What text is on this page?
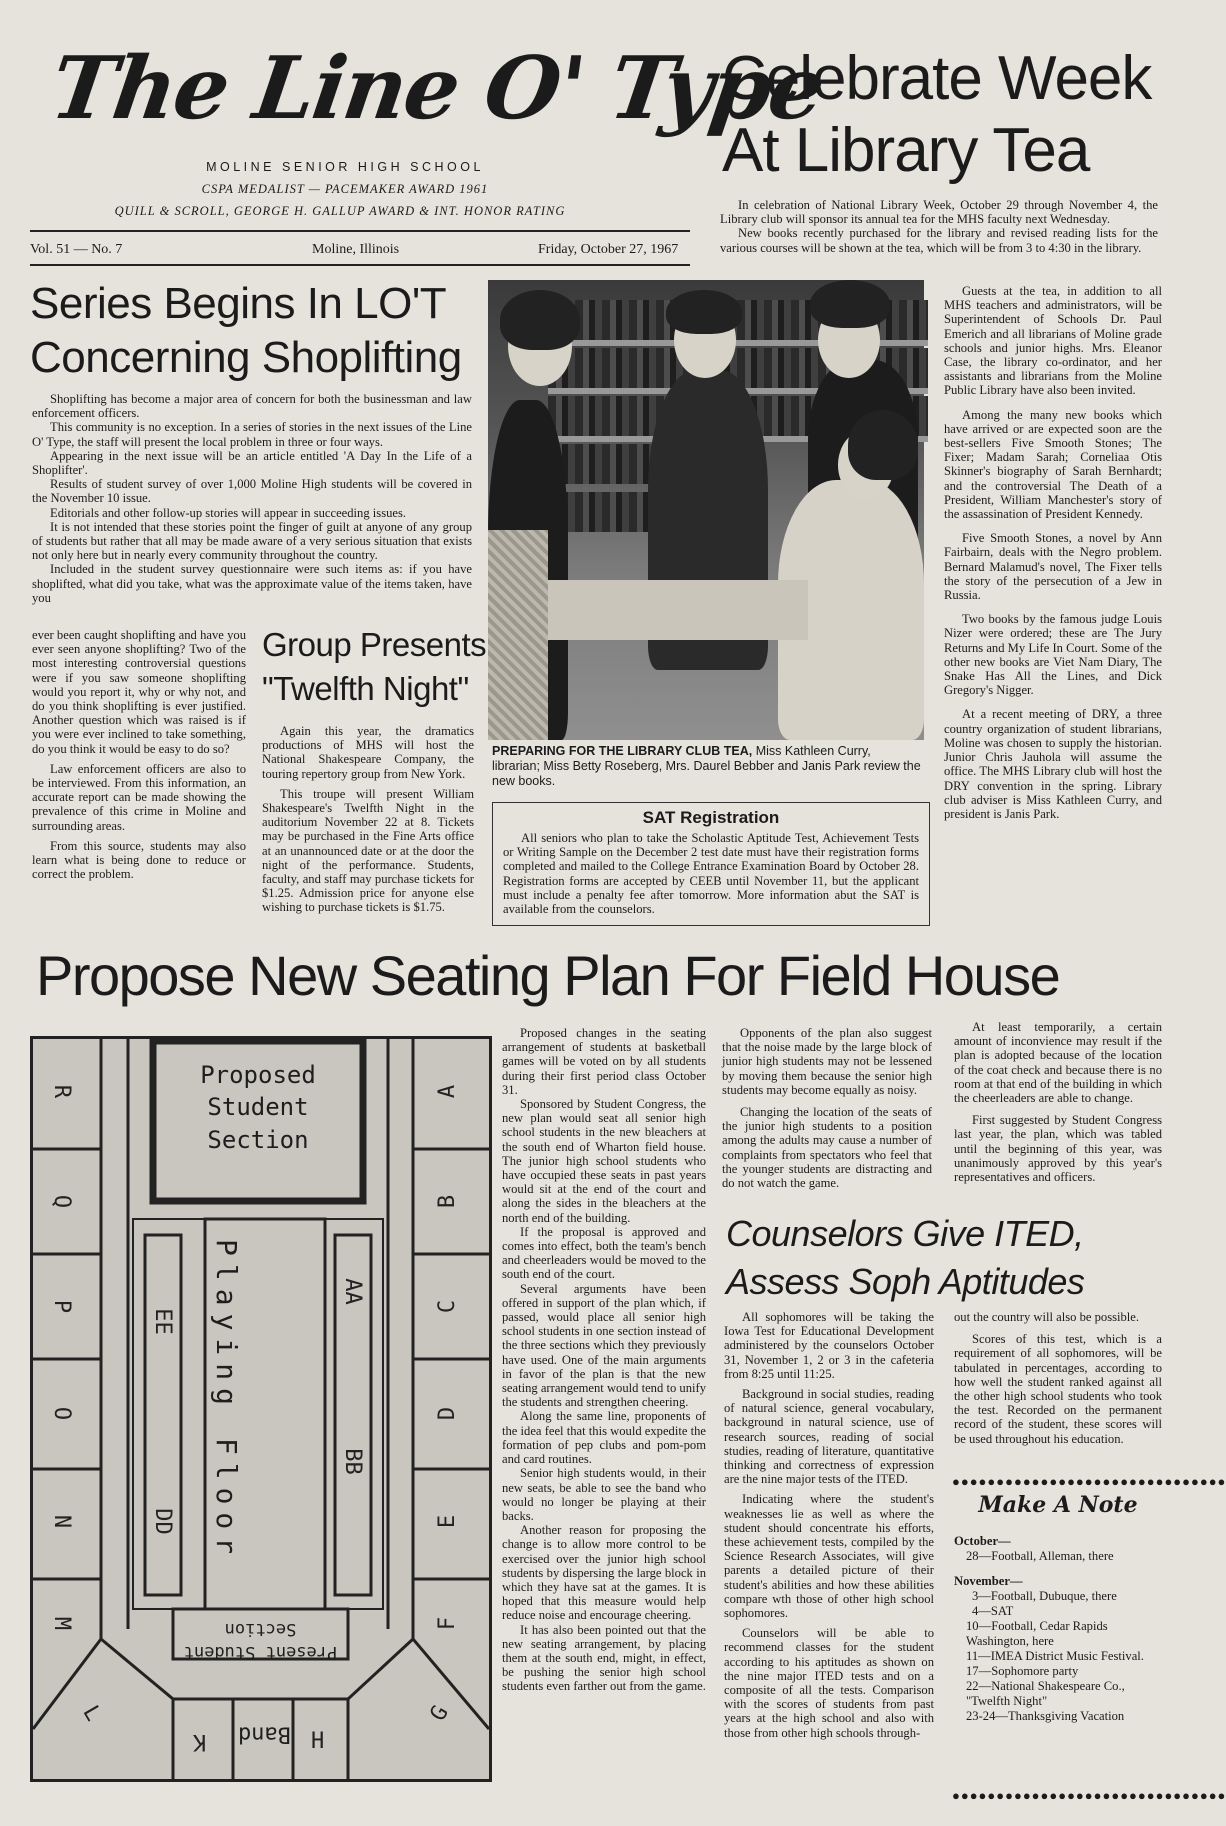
The Line O' Type
MOLINE SENIOR HIGH SCHOOL
CSPA MEDALIST — PACEMAKER AWARD 1961
QUILL & SCROLL, GEORGE H. GALLUP AWARD & INT. HONOR RATING
Vol. 51 — No. 7	Moline, Illinois	Friday, October 27, 1967
Celebrate Week
At Library Tea

In celebration of National Library Week, October 29 through November 4, the Library club will sponsor its annual tea for the MHS faculty next Wednesday.

New books recently purchased for the library and revised reading lists for the various courses will be shown at the tea, which will be from 3 to 4:30 in the library.

Series Begins In LO'T
Concerning Shoplifting

Shoplifting has become a major area of concern for both the businessman and law enforcement officers.

This community is no exception. In a series of stories in the next issues of the Line O' Type, the staff will present the local problem in three or four ways.

Appearing in the next issue will be an article entitled 'A Day In the Life of a Shoplifter'.

Results of student survey of over 1,000 Moline High students will be covered in the November 10 issue.

Editorials and other follow-up stories will appear in succeeding issues.

It is not intended that these stories point the finger of guilt at anyone of any group of students but rather that all may be made aware of a very serious situation that exists not only here but in nearly every community throughout the country.

Included in the student survey questionnaire were such items as: if you have shoplifted, what did you take, what was the approximate value of the items taken, have you

ever been caught shoplifting and have you ever seen anyone shoplifting? Two of the most interesting controversial questions were if you saw someone shoplifting would you report it, why or why not, and do you think shoplifting is ever justified. Another question which was raised is if you were ever inclined to take something, do you think it would be easy to do so?

Law enforcement officers are also to be interviewed. From this information, an accurate report can be made showing the prevalence of this crime in Moline and surrounding areas.

From this source, students may also learn what is being done to reduce or correct the problem.

Group Presents
"Twelfth Night"

Again this year, the dramatics productions of MHS will host the National Shakespeare Company, the touring repertory group from New York.

This troupe will present William Shakespeare's Twelfth Night in the auditorium November 22 at 8. Tickets may be purchased in the Fine Arts office at an unannounced date or at the door the night of the performance. Students, faculty, and staff may purchase tickets for $1.25. Admission price for anyone else wishing to purchase tickets is $1.75.

PREPARING FOR THE LIBRARY CLUB TEA, Miss Kathleen Curry, librarian; Miss Betty Roseberg, Mrs. Daurel Bebber and Janis Park review the new books.
SAT Registration
All seniors who plan to take the Scholastic Aptitude Test, Achievement Tests or Writing Sample on the December 2 test date must have their registration forms completed and mailed to the College Entrance Examination Board by October 28. Registration forms are accepted by CEEB until November 11, but the applicant must include a penalty fee after tomorrow. More information abut the SAT is available from the counselors.

Guests at the tea, in addition to all MHS teachers and administrators, will be Superintendent of Schools Dr. Paul Emerich and all librarians of Moline grade schools and junior highs. Mrs. Eleanor Case, the library co-ordinator, and her assistants and librarians from the Moline Public Library have also been invited.

Among the many new books which have arrived or are expected soon are the best-sellers Five Smooth Stones; The Fixer; Madam Sarah; Corneliaa Otis Skinner's biography of Sarah Bernhardt; and the controversial The Death of a President, William Manchester's story of the assassination of President Kennedy.

Five Smooth Stones, a novel by Ann Fairbairn, deals with the Negro problem. Bernard Malamud's novel, The Fixer tells the story of the persecution of a Jew in Russia.

Two books by the famous judge Louis Nizer were ordered; these are The Jury Returns and My Life In Court. Some of the other new books are Viet Nam Diary, The Snake Has All the Lines, and Dick Gregory's Nigger.

At a recent meeting of DRY, a three country organization of student librarians, Moline was chosen to supply the historian. Junior Chris Jauhola will assume the office. The MHS Library club will host the DRY convention in the spring. Library club adviser is Miss Kathleen Curry, and president is Janis Park.

Propose New Seating Plan For Field House
Proposed Student Section
Playing Floor
Present Student Section
Band
R
Q
P
O
N
M
L
A
B
C
D
E
F
G
K	H
EE
DD
AA
BB

Proposed changes in the seating arrangement of students at basketball games will be voted on by all students during their first period class October 31.

Sponsored by Student Congress, the new plan would seat all senior high school students in the new bleachers at the south end of Wharton field house. The junior high school students who have occupied these seats in past years would sit at the end of the court and along the sides in the bleachers at the north end of the building.

If the proposal is approved and comes into effect, both the team's bench and cheerleaders would be moved to the south end of the court.

Several arguments have been offered in support of the plan which, if passed, would place all senior high school students in one section instead of the three sections which they previously have used. One of the main arguments in favor of the plan is that the new seating arrangement would tend to unify the students and strengthen cheering.

Along the same line, proponents of the idea feel that this would expedite the formation of pep clubs and pom-pom and card routines.

Senior high students would, in their new seats, be able to see the band who would no longer be playing at their backs.

Another reason for proposing the change is to allow more control to be exercised over the junior high school students by dispersing the large block in which they have sat at the games. It is hoped that this measure would help reduce noise and encourage cheering.

It has also been pointed out that the new seating arrangement, by placing them at the south end, might, in effect, be pushing the senior high school students even farther out from the game.

Opponents of the plan also suggest that the noise made by the large block of junior high students may not be lessened by moving them because the senior high students may become equally as noisy.

Changing the location of the seats of the junior high students to a position among the adults may cause a number of complaints from spectators who feel that the younger students are distracting and do not watch the game.

At least temporarily, a certain amount of inconvience may result if the plan is adopted because of the location of the coat check and because there is no room at that end of the building in which the cheerleaders are able to change.

First suggested by Student Congress last year, the plan, which was tabled until the beginning of this year, was unanimously approved by this year's representatives and officers.

Counselors Give ITED,
Assess Soph Aptitudes

All sophomores will be taking the Iowa Test for Educational Development administered by the counselors October 31, November 1, 2 or 3 in the cafeteria from 8:25 until 11:25.

Background in social studies, reading of natural science, general vocabulary, background in natural science, use of research sources, reading of social studies, reading of literature, quantitative thinking and correctness of expression are the nine major tests of the ITED.

Indicating where the student's weaknesses lie as well as where the student should concentrate his efforts, these achievement tests, compiled by the Science Research Associates, will give parents a detailed picture of their student's abilities and how these abilities compare wth those of other high school sophomores.

Counselors will be able to recommend classes for the student according to his aptitudes as shown on the nine major ITED tests and on a composite of all the tests. Comparison with the scores of students from past years at the high school and also with those from other high schools through-

out the country will also be possible.

Scores of this test, which is a requirement of all sophomores, will be tabulated in percentages, according to how well the student ranked against all the other high school students who took the test. Recorded on the permanent record of the student, these scores will be used throughout his education.

●●●●●●●●●●●●●●●●●●●●●●●●●●●●●●●
Make A Note
October—
28—Football, Alleman, there
November—
3—Football, Dubuque, there
4—SAT
10—Football, Cedar Rapids Washington, here
11—IMEA District Music Festival.
17—Sophomore party
22—National Shakespeare Co., "Twelfth Night"
23-24—Thanksgiving Vacation
●●●●●●●●●●●●●●●●●●●●●●●●●●●●●●●
